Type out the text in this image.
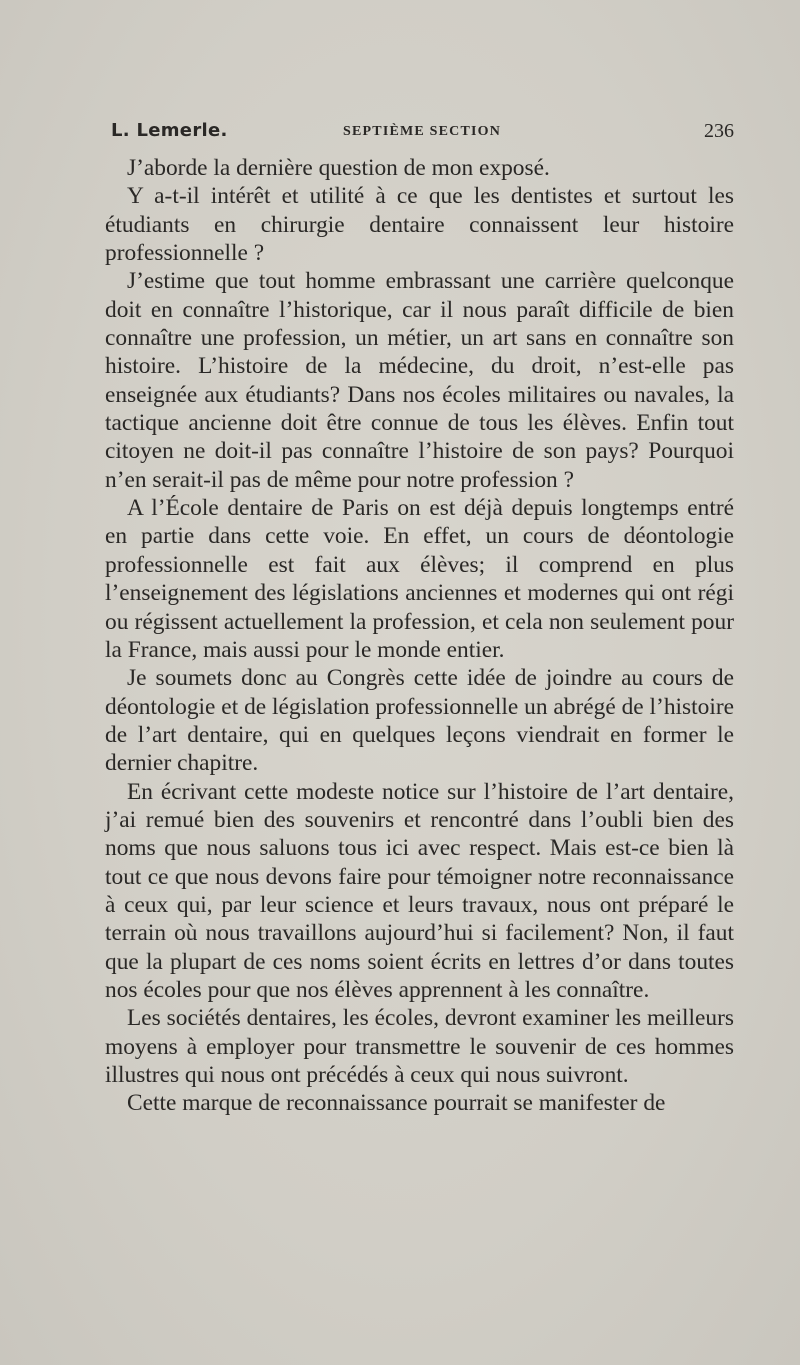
L. Lemerle.	SEPTIÈME SECTION	236

J’aborde la dernière question de mon exposé.

Y a-t-il intérêt et utilité à ce que les dentistes et surtout les étudiants en chirurgie dentaire connaissent leur histoire professionnelle ?

J’estime que tout homme embrassant une carrière quelconque doit en connaître l’historique, car il nous paraît difficile de bien connaître une profession, un métier, un art sans en connaître son histoire. L’histoire de la médecine, du droit, n’est-elle pas enseignée aux étudiants? Dans nos écoles militaires ou navales, la tactique ancienne doit être connue de tous les élèves. Enfin tout citoyen ne doit-il pas connaître l’histoire de son pays? Pourquoi n’en serait-il pas de même pour notre profession ?

A l’École dentaire de Paris on est déjà depuis longtemps entré en partie dans cette voie. En effet, un cours de déontologie professionnelle est fait aux élèves; il comprend en plus l’enseignement des législations anciennes et modernes qui ont régi ou régissent actuellement la profession, et cela non seulement pour la France, mais aussi pour le monde entier.

Je soumets donc au Congrès cette idée de joindre au cours de déontologie et de législation professionnelle un abrégé de l’histoire de l’art dentaire, qui en quelques leçons viendrait en former le dernier chapitre.

En écrivant cette modeste notice sur l’histoire de l’art dentaire, j’ai remué bien des souvenirs et rencontré dans l’oubli bien des noms que nous saluons tous ici avec respect. Mais est-ce bien là tout ce que nous devons faire pour témoigner notre reconnaissance à ceux qui, par leur science et leurs travaux, nous ont préparé le terrain où nous travaillons aujourd’hui si facilement? Non, il faut que la plupart de ces noms soient écrits en lettres d’or dans toutes nos écoles pour que nos élèves apprennent à les connaître.

Les sociétés dentaires, les écoles, devront examiner les meilleurs moyens à employer pour transmettre le souvenir de ces hommes illustres qui nous ont précédés à ceux qui nous suivront.

Cette marque de reconnaissance pourrait se manifester de
